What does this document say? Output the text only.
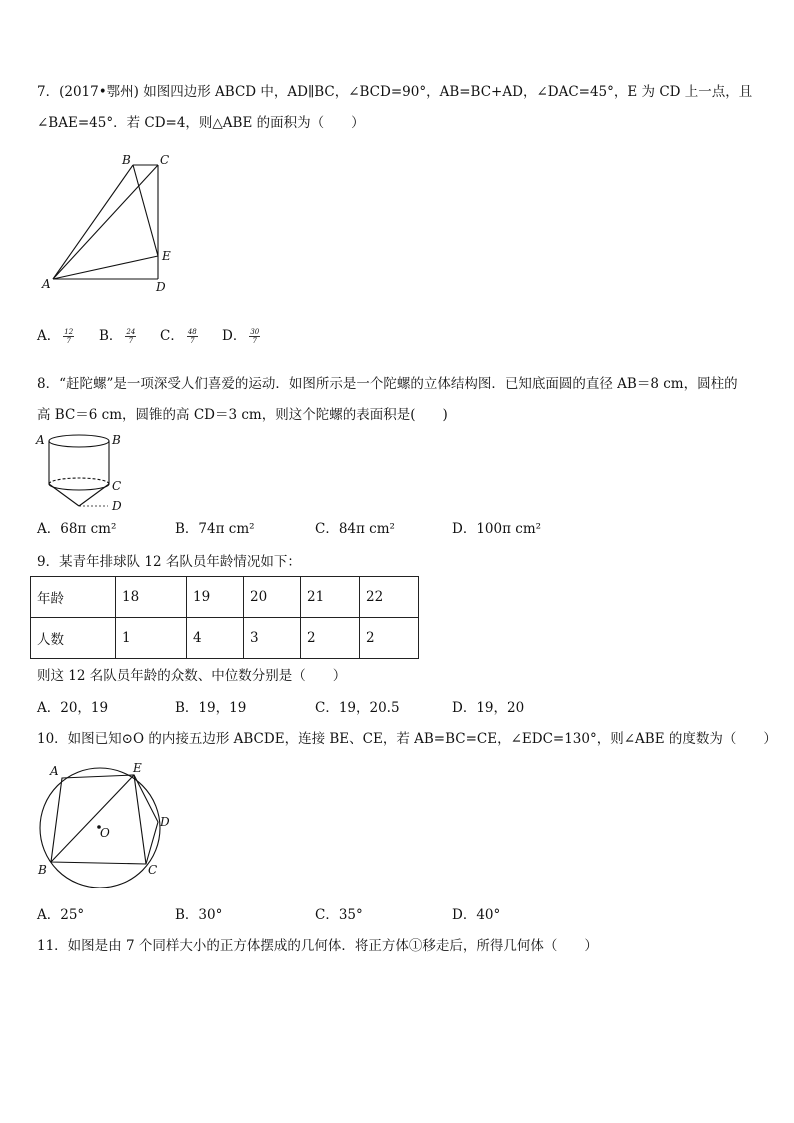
7．(2017•鄂州) 如图四边形 ABCD 中，AD∥BC，∠BCD=90°，AB=BC+AD，∠DAC=45°，E 为 CD 上一点，且
∠BAE=45°．若 CD=4，则△ABE 的面积为（　　）
B C
E
A	D
A． $\frac{12}{7}$ B． $\frac{24}{7}$ C． $\frac{48}{7}$ D． $\frac{30}{7}$
8．“赶陀螺”是一项深受人们喜爱的运动．如图所示是一个陀螺的立体结构图．已知底面圆的直径 AB＝8 cm，圆柱的
高 BC＝6 cm，圆锥的高 CD＝3 cm，则这个陀螺的表面积是(　　)
A	B
C
D
A．68π cm²	B．74π cm²	C．84π cm²	D．100π cm²
9．某青年排球队 12 名队员年龄情况如下：
年龄	18	19	20	21	22
人数	1	4	3	2	2
则这 12 名队员年龄的众数、中位数分别是（　　）
A．20，19	B．19，19	C．19，20.5	D．19，20
10．如图已知⊙O 的内接五边形 ABCDE，连接 BE、CE，若 AB=BC=CE，∠EDC=130°，则∠ABE 的度数为（　　）
A	E
D
O
B	C
A．25°	B．30°	C．35°	D．40°
11．如图是由 7 个同样大小的正方体摆成的几何体．将正方体①移走后，所得几何体（　　）
